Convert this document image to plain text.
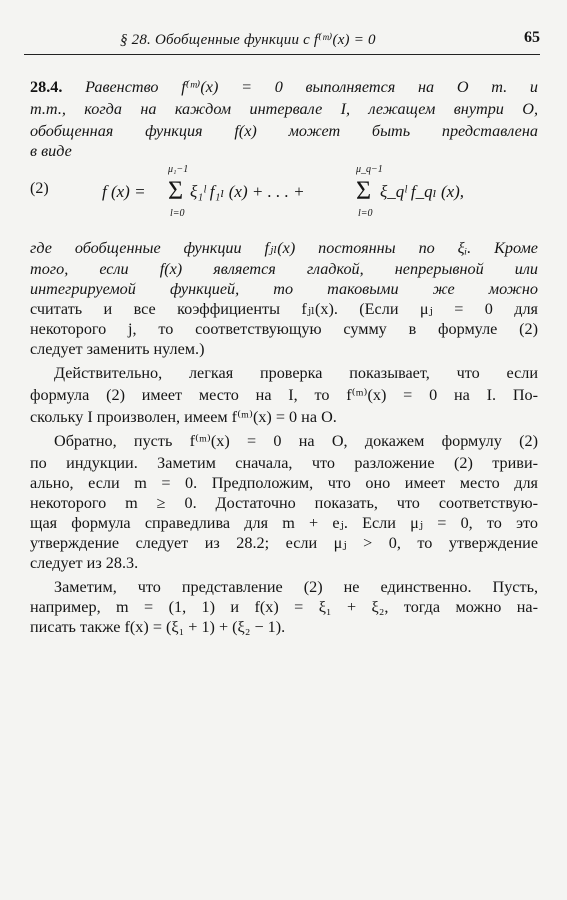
§ 28. Обобщенные функции с f⁽ᵐ⁾(x) = 0	65
28.4. Равенство f⁽ᵐ⁾(x) = 0 выполняется на O т. и
т.т., когда на каждом интервале I, лежащем внутри O,
обобщенная функция f(x) может быть представлена
в виде
(2)	f (x) =
μ₁−1
Σ
l=0
ξ₁ˡ f₁ₗ (x) + . . . +
μ_q−1
Σ
l=0
ξ_qˡ f_qₗ (x),
где обобщенные функции fⱼₗ(x) постоянны по ξᵢ. Кроме
того, если f(x) является гладкой, непрерывной или
интегрируемой функцией, то таковыми же можно
считать и все коэффициенты fⱼₗ(x). (Если μⱼ = 0 для
некоторого j, то соответствующую сумму в формуле (2)
следует заменить нулем.)
Действительно, легкая проверка показывает, что если
формула (2) имеет место на I, то f⁽ᵐ⁾(x) = 0 на I. По-
скольку I произволен, имеем f⁽ᵐ⁾(x) = 0 на O.
Обратно, пусть f⁽ᵐ⁾(x) = 0 на O, докажем формулу (2)
по индукции. Заметим сначала, что разложение (2) триви-
ально, если m = 0. Предположим, что оно имеет место для
некоторого m ≥ 0. Достаточно показать, что соответствую-
щая формула справедлива для m + eⱼ. Если μⱼ = 0, то это
утверждение следует из 28.2; если μⱼ > 0, то утверждение
следует из 28.3.
Заметим, что представление (2) не единственно. Пусть,
например, m = (1, 1) и f(x) = ξ₁ + ξ₂, тогда можно на-
писать также f(x) = (ξ₁ + 1) + (ξ₂ − 1).
